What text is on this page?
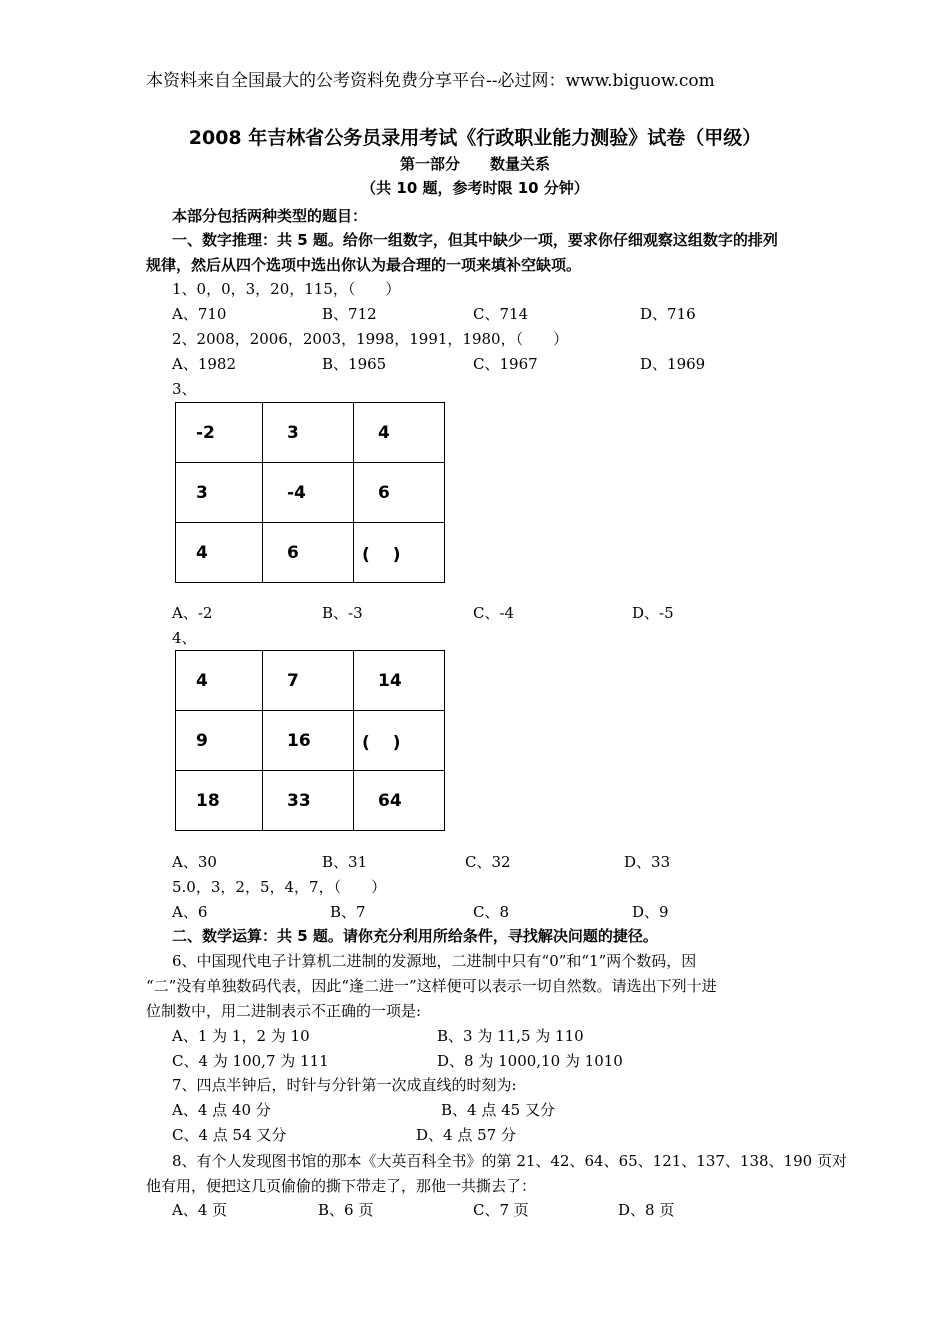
本资料来自全国最大的公考资料免费分享平台--必过网：www.biguow.com
2008 年吉林省公务员录用考试《行政职业能力测验》试卷（甲级）
第一部分　　数量关系
（共 10 题，参考时限 10 分钟）
本部分包括两种类型的题目：
一、数字推理：共 5 题。给你一组数字，但其中缺少一项，要求你仔细观察这组数字的排列
规律，然后从四个选项中选出你认为最合理的一项来填补空缺项。
1、0，0，3，20，115，（　　）
A、710	B、712	C、714	D、716
2、2008，2006，2003，1998，1991，1980，（　　）
A、1982	B、1965	C、1967	D、1969
3、
-2	3	4
3	-4	6
4	6	(　 )
A、-2	B、-3	C、-4	D、-5
4、
4	7	14
9	16	(　 )
18	33	64
A、30	B、31	C、32	D、33
5.0，3，2，5，4，7，（　　）
A、6	B、7	C、8	D、9
二、数学运算：共 5 题。请你充分利用所给条件，寻找解决问题的捷径。
6、中国现代电子计算机二进制的发源地，二进制中只有“0”和“1”两个数码，因
“二”没有单独数码代表，因此“逢二进一”这样便可以表示一切自然数。请选出下列十进
位制数中，用二进制表示不正确的一项是:
A、1 为 1，2 为 10	B、3 为 11,5 为 110
C、4 为 100,7 为 111	D、8 为 1000,10 为 1010
7、四点半钟后，时针与分针第一次成直线的时刻为:
A、4 点 40 分	B、4 点 45 又分
C、4 点 54 又分	D、4 点 57 分
8、有个人发现图书馆的那本《大英百科全书》的第 21、42、64、65、121、137、138、190 页对
他有用，便把这几页偷偷的撕下带走了，那他一共撕去了：
A、4 页	B、6 页	C、7 页	D、8 页
